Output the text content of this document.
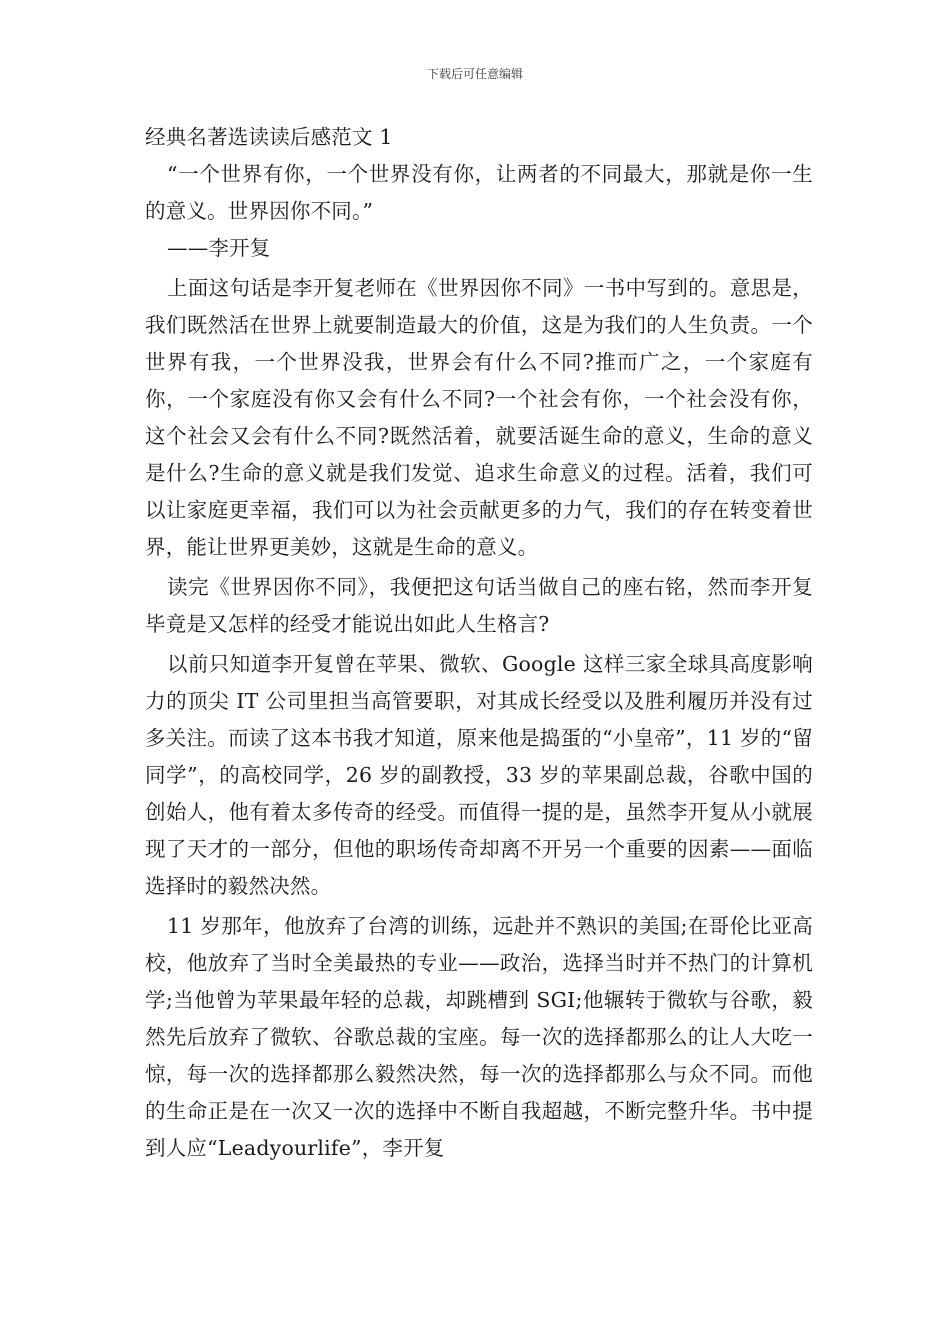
下载后可任意编辑

经典名著选读读后感范文 1

“一个世界有你，一个世界没有你，让两者的不同最大，那就是你一生的意义。世界因你不同。”

——李开复

上面这句话是李开复老师在《世界因你不同》一书中写到的。意思是，我们既然活在世界上就要制造最大的价值，这是为我们的人生负责。一个世界有我，一个世界没我，世界会有什么不同?推而广之，一个家庭有你，一个家庭没有你又会有什么不同?一个社会有你，一个社会没有你，这个社会又会有什么不同?既然活着，就要活诞生命的意义，生命的意义是什么?生命的意义就是我们发觉、追求生命意义的过程。活着，我们可以让家庭更幸福，我们可以为社会贡献更多的力气，我们的存在转变着世界，能让世界更美妙，这就是生命的意义。

读完《世界因你不同》，我便把这句话当做自己的座右铭，然而李开复毕竟是又怎样的经受才能说出如此人生格言?

以前只知道李开复曾在苹果、微软、Google 这样三家全球具高度影响力的顶尖 IT 公司里担当高管要职，对其成长经受以及胜利履历并没有过多关注。而读了这本书我才知道，原来他是捣蛋的“小皇帝”，11 岁的“留同学”，的高校同学，26 岁的副教授，33 岁的苹果副总裁，谷歌中国的创始人，他有着太多传奇的经受。而值得一提的是，虽然李开复从小就展现了天才的一部分，但他的职场传奇却离不开另一个重要的因素——面临选择时的毅然决然。

11 岁那年，他放弃了台湾的训练，远赴并不熟识的美国;在哥伦比亚高校，他放弃了当时全美最热的专业——政治，选择当时并不热门的计算机学;当他曾为苹果最年轻的总裁，却跳槽到 SGI;他辗转于微软与谷歌，毅然先后放弃了微软、谷歌总裁的宝座。每一次的选择都那么的让人大吃一惊，每一次的选择都那么毅然决然，每一次的选择都那么与众不同。而他的生命正是在一次又一次的选择中不断自我超越，不断完整升华。书中提到人应“Leadyourlife”，李开复
